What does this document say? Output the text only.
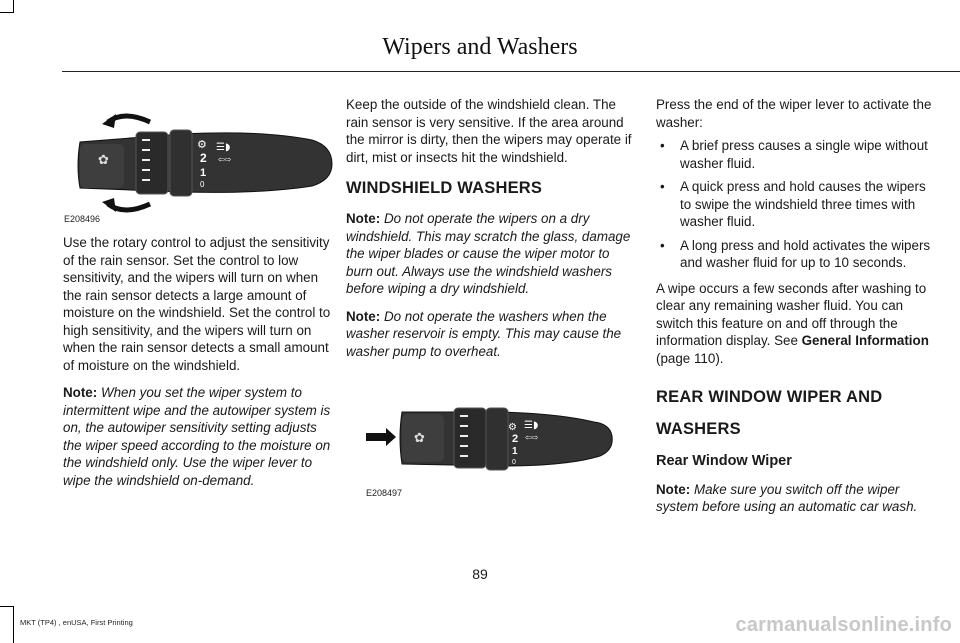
Wipers and Washers
✿	2
1
0
⚙ ☰◗
⇦⇨
E208496

Use the rotary control to adjust the sensitivity of the rain sensor. Set the control to low sensitivity, and the wipers will turn on when the rain sensor detects a large amount of moisture on the windshield. Set the control to high sensitivity, and the wipers will turn on when the rain sensor detects a small amount of moisture on the windshield.

Note: When you set the wiper system to intermittent wipe and the autowiper system is on, the autowiper sensitivity setting adjusts the wiper speed according to the moisture on the windshield only. Use the wiper lever to wipe the windshield on-demand.

Keep the outside of the windshield clean. The rain sensor is very sensitive. If the area around the mirror is dirty, then the wipers may operate if dirt, mist or insects hit the windshield.

WINDSHIELD WASHERS

Note: Do not operate the wipers on a dry windshield. This may scratch the glass, damage the wiper blades or cause the wiper motor to burn out. Always use the windshield washers before wiping a dry windshield.

Note: Do not operate the washers when the washer reservoir is empty. This may cause the washer pump to overheat.

✿	2
1
0
⚙ ☰◗
⇦⇨
E208497

Press the end of the wiper lever to activate the washer:

• A brief press causes a single wipe without washer fluid.
• A quick press and hold causes the wipers to swipe the windshield three times with washer fluid.
• A long press and hold activates the wipers and washer fluid for up to 10 seconds.

A wipe occurs a few seconds after washing to clear any remaining washer fluid. You can switch this feature on and off through the information display. See General Information (page 110).

REAR WINDOW WIPER AND
WASHERS

Rear Window Wiper

Note: Make sure you switch off the wiper system before using an automatic car wash.

89
MKT (TP4) , enUSA, First Printing	carmanualsonline.info
